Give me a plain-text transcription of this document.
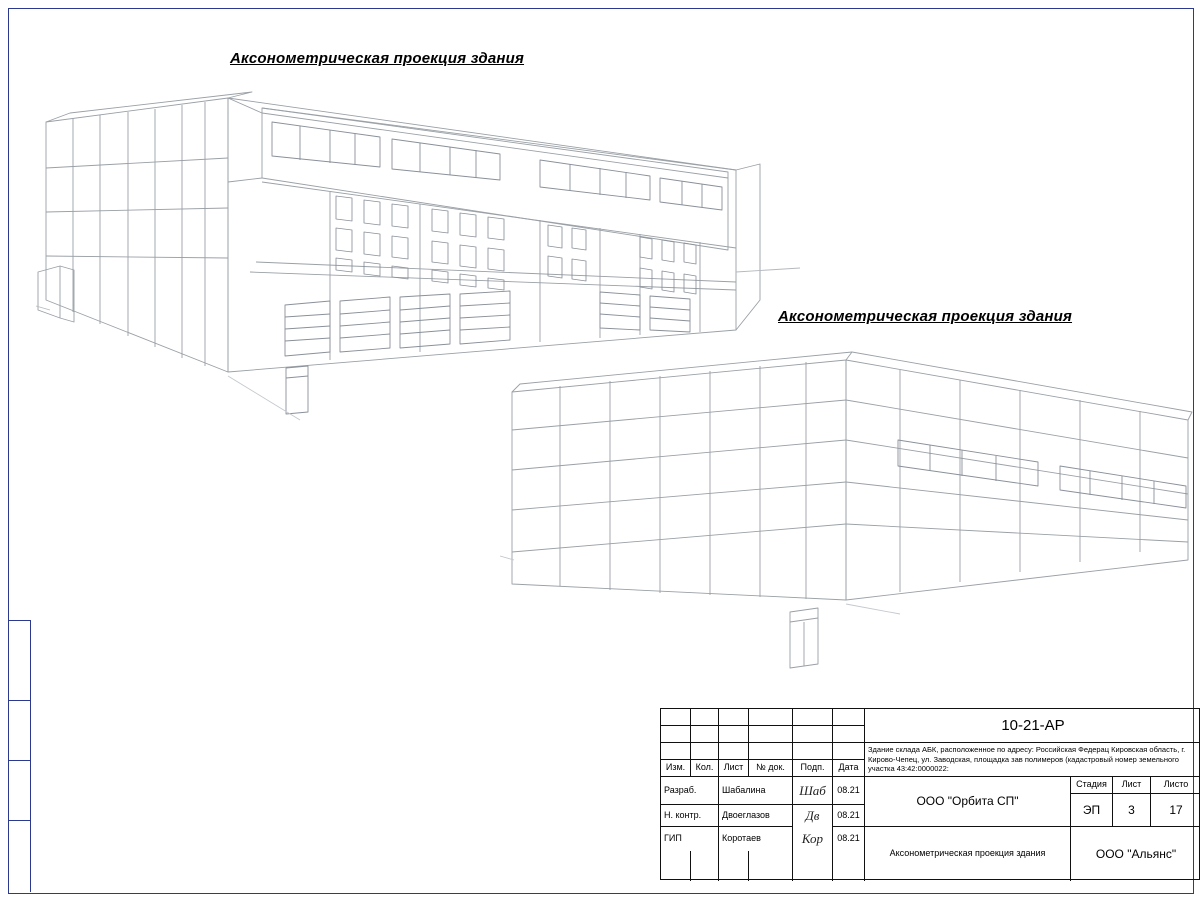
Аксонометрическая проекция здания
Аксонометрическая проекция здания
Изм.	Кол.	Лист	№ док.	Подп.	Дата
Разраб.	Шабалина	Шаб	08.21
Н. контр.	Двоеглазов	Дв	08.21
ГИП	Коротаев	Кор	08.21
10-21-АР
Здание склада АБК, расположенное по адресу: Российская Федерац Кировская область, г. Кирово-Чепец, ул. Заводская, площадка зав полимеров (кадастровый номер земельного участка 43:42:0000022:
ООО "Орбита СП"
Стадия	Лист	Листо
ЭП	3	17
Аксонометрическая проекция здания	ООО "Альянс"
